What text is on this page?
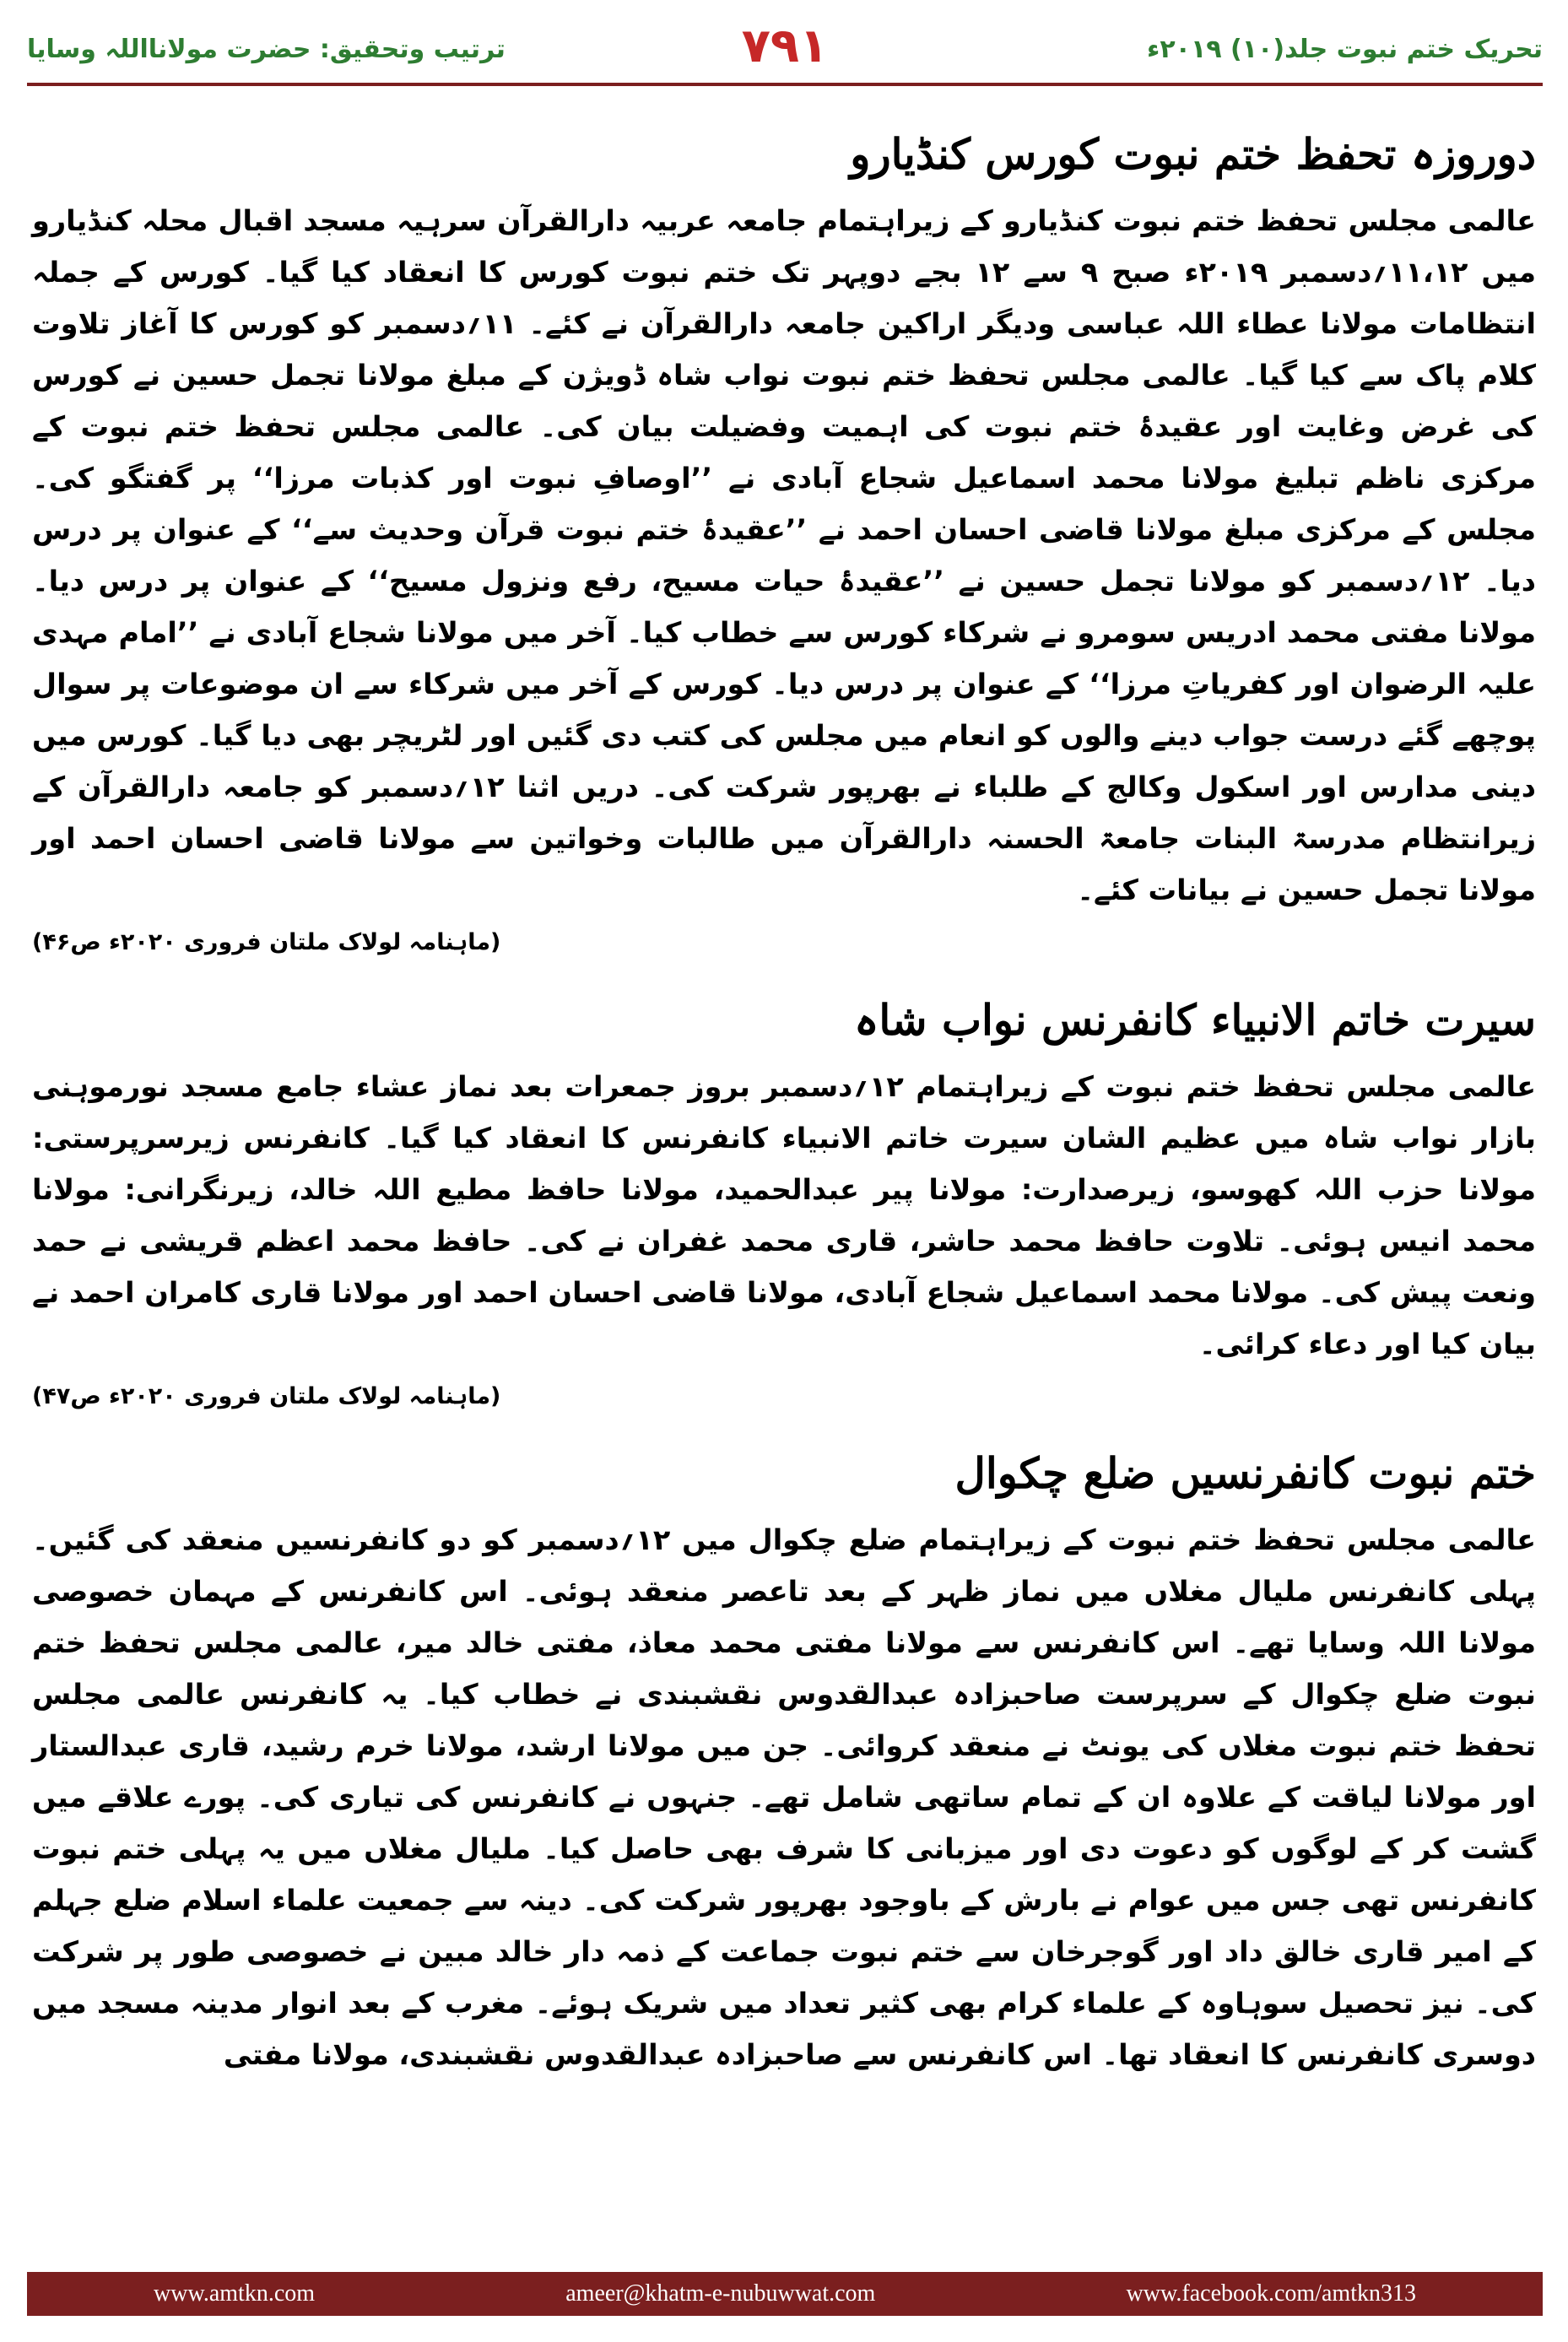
ترتیب وتحقیق: حضرت مولانااللہ وسایا	۷۹۱	تحریک ختم نبوت جلد(۱۰) ۲۰۱۹ء
دوروزہ تحفظ ختم نبوت کورس کنڈیارو

عالمی مجلس تحفظ ختم نبوت کنڈیارو کے زیراہتمام جامعہ عربیہ دارالقرآن سرہیہ مسجد اقبال محلہ کنڈیارو میں ۱۱،۱۲؍دسمبر ۲۰۱۹ء صبح ۹ سے ۱۲ بجے دوپہر تک ختم نبوت کورس کا انعقاد کیا گیا۔ کورس کے جملہ انتظامات مولانا عطاء اللہ عباسی ودیگر اراکین جامعہ دارالقرآن نے کئے۔ ۱۱؍دسمبر کو کورس کا آغاز تلاوت کلام پاک سے کیا گیا۔ عالمی مجلس تحفظ ختم نبوت نواب شاہ ڈویژن کے مبلغ مولانا تجمل حسین نے کورس کی غرض وغایت اور عقیدۂ ختم نبوت کی اہمیت وفضیلت بیان کی۔ عالمی مجلس تحفظ ختم نبوت کے مرکزی ناظم تبلیغ مولانا محمد اسماعیل شجاع آبادی نے ’’اوصافِ نبوت اور کذبات مرزا‘‘ پر گفتگو کی۔ مجلس کے مرکزی مبلغ مولانا قاضی احسان احمد نے ’’عقیدۂ ختم نبوت قرآن وحدیث سے‘‘ کے عنوان پر درس دیا۔ ۱۲؍دسمبر کو مولانا تجمل حسین نے ’’عقیدۂ حیات مسیح، رفع ونزول مسیح‘‘ کے عنوان پر درس دیا۔ مولانا مفتی محمد ادریس سومرو نے شرکاء کورس سے خطاب کیا۔ آخر میں مولانا شجاع آبادی نے ’’امام مہدی علیہ الرضوان اور کفریاتِ مرزا‘‘ کے عنوان پر درس دیا۔ کورس کے آخر میں شرکاء سے ان موضوعات پر سوال پوچھے گئے درست جواب دینے والوں کو انعام میں مجلس کی کتب دی گئیں اور لٹریچر بھی دیا گیا۔ کورس میں دینی مدارس اور اسکول وکالج کے طلباء نے بھرپور شرکت کی۔ دریں اثنا ۱۲؍دسمبر کو جامعہ دارالقرآن کے زیرانتظام مدرسۃ البنات جامعۃ الحسنہ دارالقرآن میں طالبات وخواتین سے مولانا قاضی احسان احمد اور مولانا تجمل حسین نے بیانات کئے۔

(ماہنامہ لولاک ملتان فروری ۲۰۲۰ء ص۴۶)
سیرت خاتم الانبیاء کانفرنس نواب شاہ

عالمی مجلس تحفظ ختم نبوت کے زیراہتمام ۱۲؍دسمبر بروز جمعرات بعد نماز عشاء جامع مسجد نورموہنی بازار نواب شاہ میں عظیم الشان سیرت خاتم الانبیاء کانفرنس کا انعقاد کیا گیا۔ کانفرنس زیرسرپرستی: مولانا حزب اللہ کھوسو، زیرصدارت: مولانا پیر عبدالحمید، مولانا حافظ مطیع اللہ خالد، زیرنگرانی: مولانا محمد انیس ہوئی۔ تلاوت حافظ محمد حاشر، قاری محمد غفران نے کی۔ حافظ محمد اعظم قریشی نے حمد ونعت پیش کی۔ مولانا محمد اسماعیل شجاع آبادی، مولانا قاضی احسان احمد اور مولانا قاری کامران احمد نے بیان کیا اور دعاء کرائی۔

(ماہنامہ لولاک ملتان فروری ۲۰۲۰ء ص۴۷)
ختم نبوت کانفرنسیں ضلع چکوال

عالمی مجلس تحفظ ختم نبوت کے زیراہتمام ضلع چکوال میں ۱۲؍دسمبر کو دو کانفرنسیں منعقد کی گئیں۔ پہلی کانفرنس ملیال مغلاں میں نماز ظہر کے بعد تاعصر منعقد ہوئی۔ اس کانفرنس کے مہمان خصوصی مولانا اللہ وسایا تھے۔ اس کانفرنس سے مولانا مفتی محمد معاذ، مفتی خالد میر، عالمی مجلس تحفظ ختم نبوت ضلع چکوال کے سرپرست صاحبزادہ عبدالقدوس نقشبندی نے خطاب کیا۔ یہ کانفرنس عالمی مجلس تحفظ ختم نبوت مغلاں کی یونٹ نے منعقد کروائی۔ جن میں مولانا ارشد، مولانا خرم رشید، قاری عبدالستار اور مولانا لیاقت کے علاوہ ان کے تمام ساتھی شامل تھے۔ جنہوں نے کانفرنس کی تیاری کی۔ پورے علاقے میں گشت کر کے لوگوں کو دعوت دی اور میزبانی کا شرف بھی حاصل کیا۔ ملیال مغلاں میں یہ پہلی ختم نبوت کانفرنس تھی جس میں عوام نے بارش کے باوجود بھرپور شرکت کی۔ دینہ سے جمعیت علماء اسلام ضلع جہلم کے امیر قاری خالق داد اور گوجرخان سے ختم نبوت جماعت کے ذمہ دار خالد مبین نے خصوصی طور پر شرکت کی۔ نیز تحصیل سوہاوہ کے علماء کرام بھی کثیر تعداد میں شریک ہوئے۔ مغرب کے بعد انوار مدینہ مسجد میں دوسری کانفرنس کا انعقاد تھا۔ اس کانفرنس سے صاحبزادہ عبدالقدوس نقشبندی، مولانا مفتی

www.amtkn.com	ameer@khatm-e-nubuwwat.com	www.facebook.com/amtkn313
